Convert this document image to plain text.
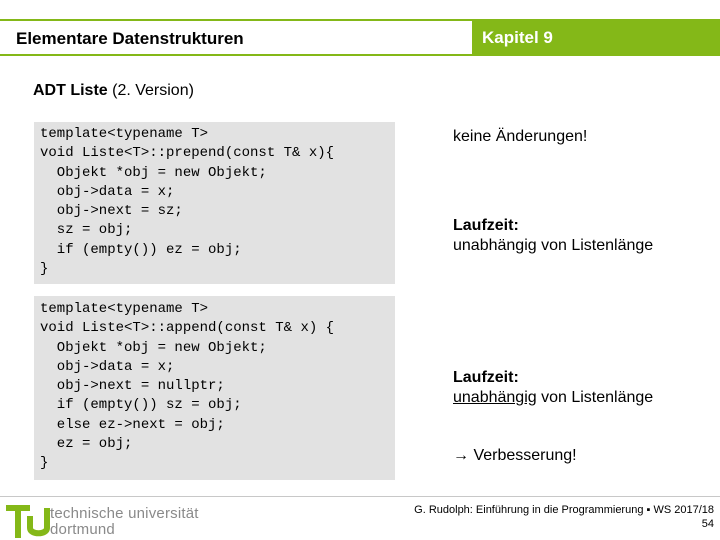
Elementare Datenstrukturen	Kapitel 9
ADT Liste (2. Version)
template<typename T>
void Liste<T>::prepend(const T& x){
Objekt *obj = new Objekt;
obj->data = x;
obj->next = sz;
sz = obj;
if (empty()) ez = obj;
}
template<typename T>
void Liste<T>::append(const T& x) {
Objekt *obj = new Objekt;
obj->data = x;
obj->next = nullptr;
if (empty()) sz = obj;
else ez->next = obj;
ez = obj;
}
keine Änderungen!
Laufzeit:
unabhängig von Listenlänge
Laufzeit:
unabhängig von Listenlänge
→ Verbesserung!
technische universität
dortmund
G. Rudolph: Einführung in die Programmierung ▪ WS 2017/18
54
